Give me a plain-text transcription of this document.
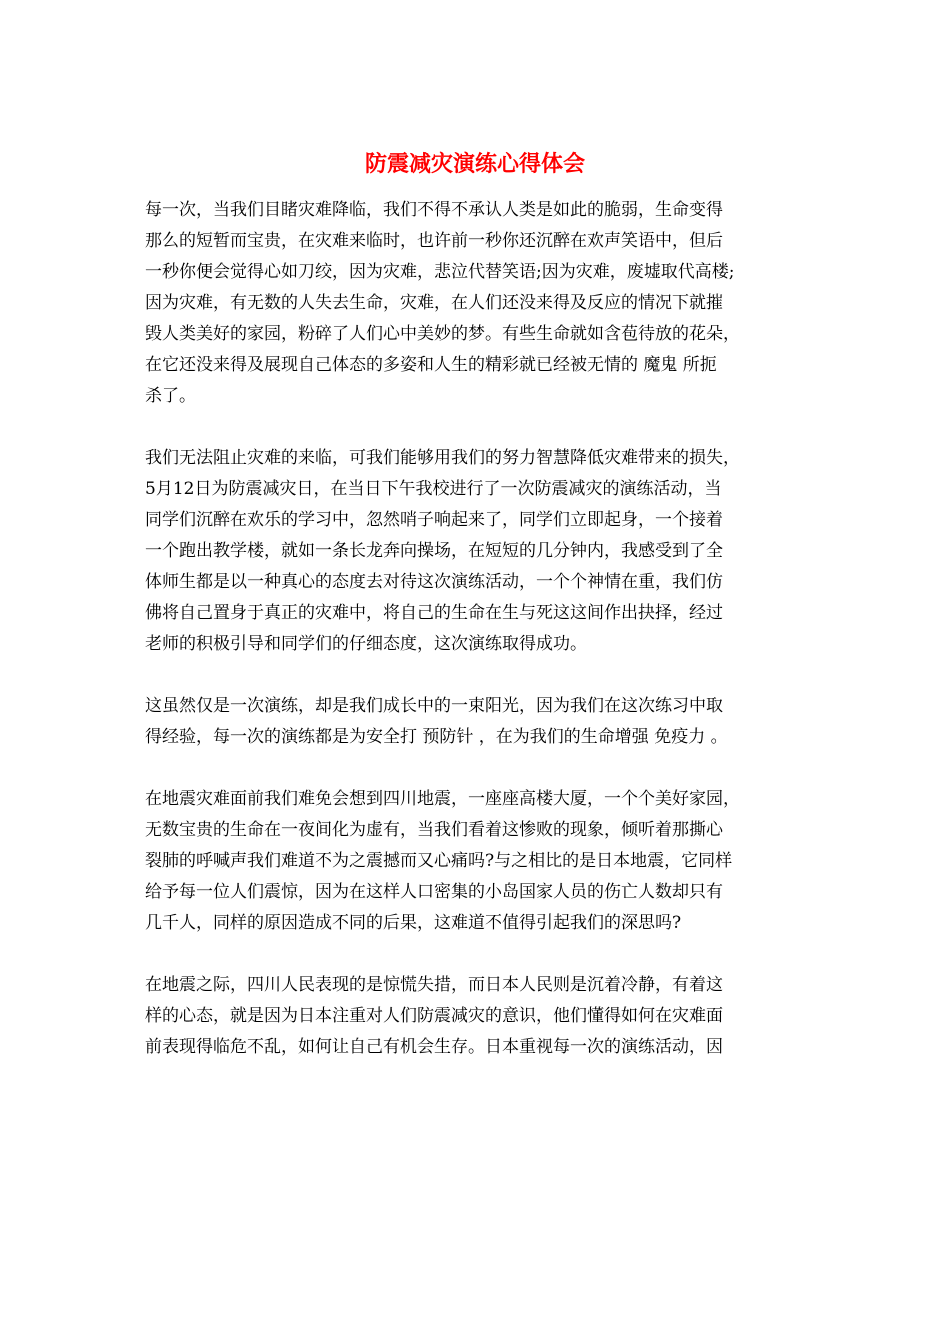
防震减灾演练心得体会
每一次，当我们目睹灾难降临，我们不得不承认人类是如此的脆弱，生命变得
那么的短暂而宝贵，在灾难来临时，也许前一秒你还沉醉在欢声笑语中，但后
一秒你便会觉得心如刀绞，因为灾难，悲泣代替笑语;因为灾难，废墟取代高楼;
因为灾难，有无数的人失去生命，灾难，在人们还没来得及反应的情况下就摧
毁人类美好的家园，粉碎了人们心中美妙的梦。有些生命就如含苞待放的花朵，
在它还没来得及展现自己体态的多姿和人生的精彩就已经被无情的 魔鬼 所扼
杀了。
我们无法阻止灾难的来临，可我们能够用我们的努力智慧降低灾难带来的损失，
5月12日为防震减灾日，在当日下午我校进行了一次防震减灾的演练活动，当
同学们沉醉在欢乐的学习中，忽然哨子响起来了，同学们立即起身，一个接着
一个跑出教学楼，就如一条长龙奔向操场，在短短的几分钟内，我感受到了全
体师生都是以一种真心的态度去对待这次演练活动，一个个神情在重，我们仿
佛将自己置身于真正的灾难中，将自己的生命在生与死这这间作出抉择，经过
老师的积极引导和同学们的仔细态度，这次演练取得成功。
这虽然仅是一次演练，却是我们成长中的一束阳光，因为我们在这次练习中取
得经验，每一次的演练都是为安全打 预防针 ，在为我们的生命增强 免疫力 。
在地震灾难面前我们难免会想到四川地震，一座座高楼大厦，一个个美好家园，
无数宝贵的生命在一夜间化为虚有，当我们看着这惨败的现象，倾听着那撕心
裂肺的呼喊声我们难道不为之震撼而又心痛吗?与之相比的是日本地震，它同样
给予每一位人们震惊，因为在这样人口密集的小岛国家人员的伤亡人数却只有
几千人，同样的原因造成不同的后果，这难道不值得引起我们的深思吗?
在地震之际，四川人民表现的是惊慌失措，而日本人民则是沉着冷静，有着这
样的心态，就是因为日本注重对人们防震减灾的意识，他们懂得如何在灾难面
前表现得临危不乱，如何让自己有机会生存。日本重视每一次的演练活动，因
